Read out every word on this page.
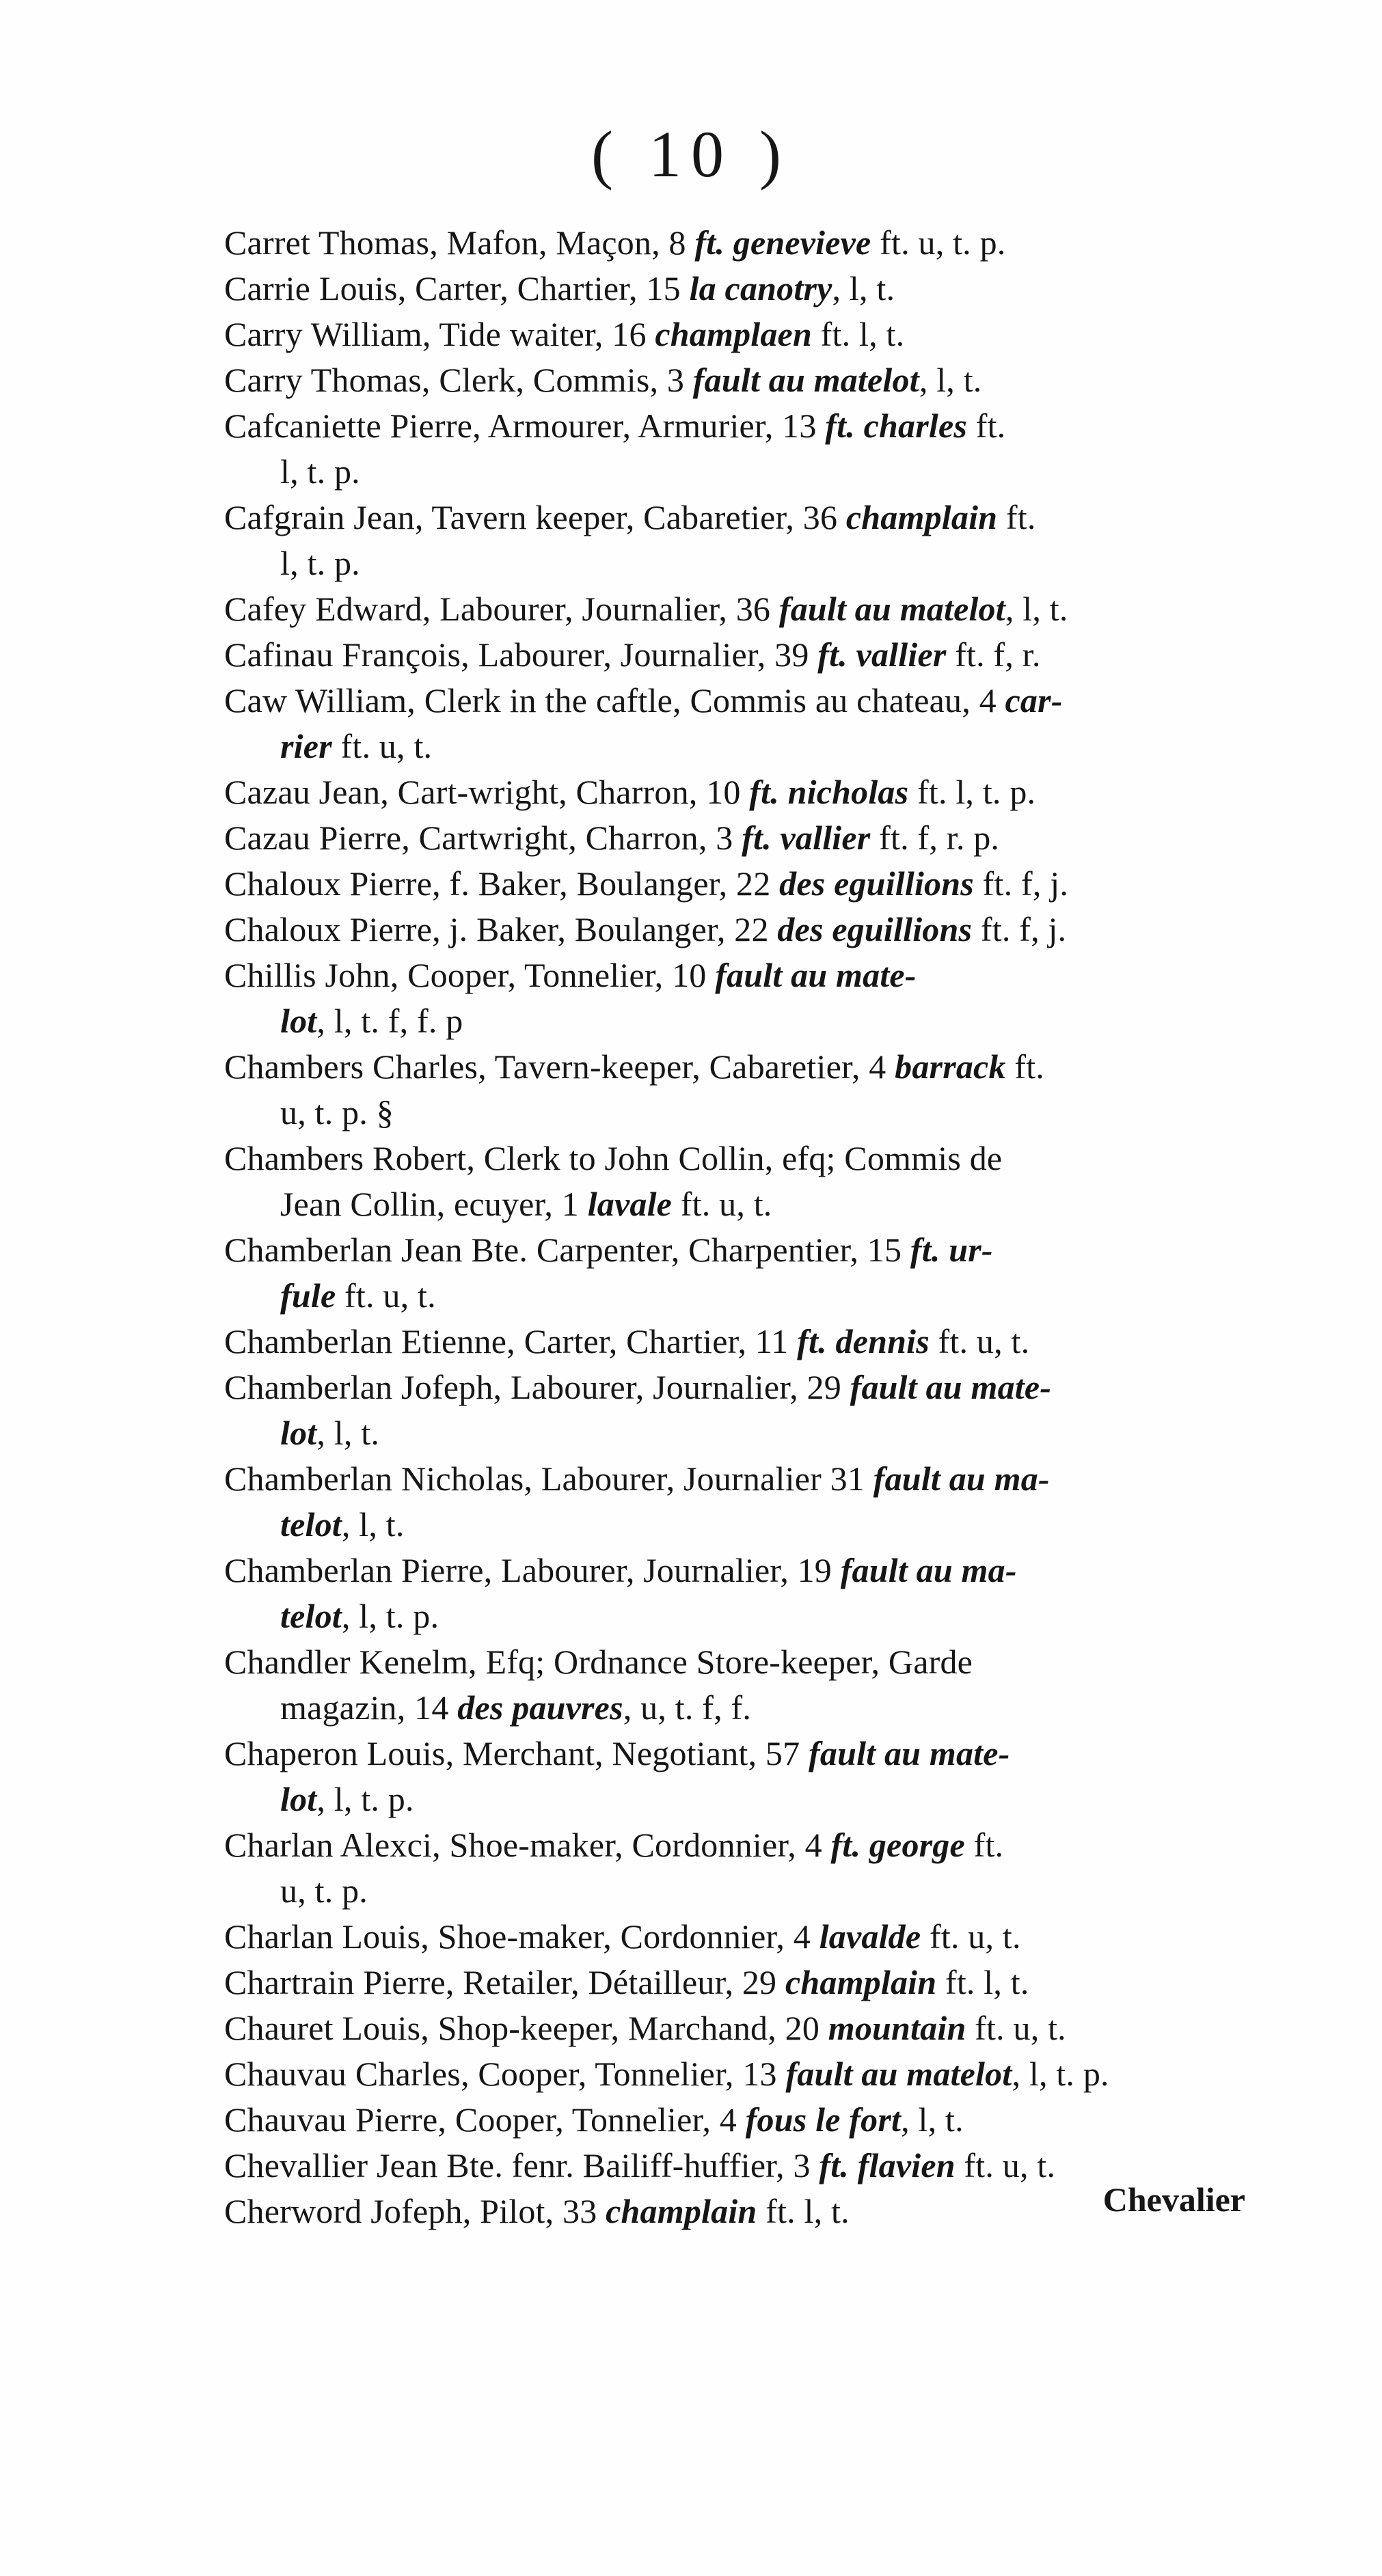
( 10 )
Carret Thomas, Mafon, Maçon, 8 ft. genevieve ft. u, t. p.
Carrie Louis, Carter, Chartier, 15 la canotry, l, t.
Carry William, Tide waiter, 16 champlaen ft. l, t.
Carry Thomas, Clerk, Commis, 3 fault au matelot, l, t.
Cafcaniette Pierre, Armourer, Armurier, 13 ft. charles ft.
l, t. p.
Cafgrain Jean, Tavern keeper, Cabaretier, 36 champlain ft.
l, t. p.
Cafey Edward, Labourer, Journalier, 36 fault au matelot, l, t.
Cafinau François, Labourer, Journalier, 39 ft. vallier ft. f, r.
Caw William, Clerk in the caftle, Commis au chateau, 4 car-
rier ft. u, t.
Cazau Jean, Cart-wright, Charron, 10 ft. nicholas ft. l, t. p.
Cazau Pierre, Cartwright, Charron, 3 ft. vallier ft. f, r. p.
Chaloux Pierre, f. Baker, Boulanger, 22 des eguillions ft. f, j.
Chaloux Pierre, j. Baker, Boulanger, 22 des eguillions ft. f, j.
Chillis John, Cooper, Tonnelier, 10 fault au mate-
lot, l, t. f, f. p
Chambers Charles, Tavern-keeper, Cabaretier, 4 barrack ft.
u, t. p. §
Chambers Robert, Clerk to John Collin, efq; Commis de
Jean Collin, ecuyer, 1 lavale ft. u, t.
Chamberlan Jean Bte. Carpenter, Charpentier, 15 ft. ur-
fule ft. u, t.
Chamberlan Etienne, Carter, Chartier, 11 ft. dennis ft. u, t.
Chamberlan Jofeph, Labourer, Journalier, 29 fault au mate-
lot, l, t.
Chamberlan Nicholas, Labourer, Journalier 31 fault au ma-
telot, l, t.
Chamberlan Pierre, Labourer, Journalier, 19 fault au ma-
telot, l, t. p.
Chandler Kenelm, Efq; Ordnance Store-keeper, Garde
magazin, 14 des pauvres, u, t. f, f.
Chaperon Louis, Merchant, Negotiant, 57 fault au mate-
lot, l, t. p.
Charlan Alexci, Shoe-maker, Cordonnier, 4 ft. george ft.
u, t. p.
Charlan Louis, Shoe-maker, Cordonnier, 4 lavalde ft. u, t.
Chartrain Pierre, Retailer, Détailleur, 29 champlain ft. l, t.
Chauret Louis, Shop-keeper, Marchand, 20 mountain ft. u, t.
Chauvau Charles, Cooper, Tonnelier, 13 fault au matelot, l, t. p.
Chauvau Pierre, Cooper, Tonnelier, 4 fous le fort, l, t.
Chevallier Jean Bte. fenr. Bailiff-huffier, 3 ft. flavien ft. u, t.
Cherword Jofeph, Pilot, 33 champlain ft. l, t.	Chevalier
